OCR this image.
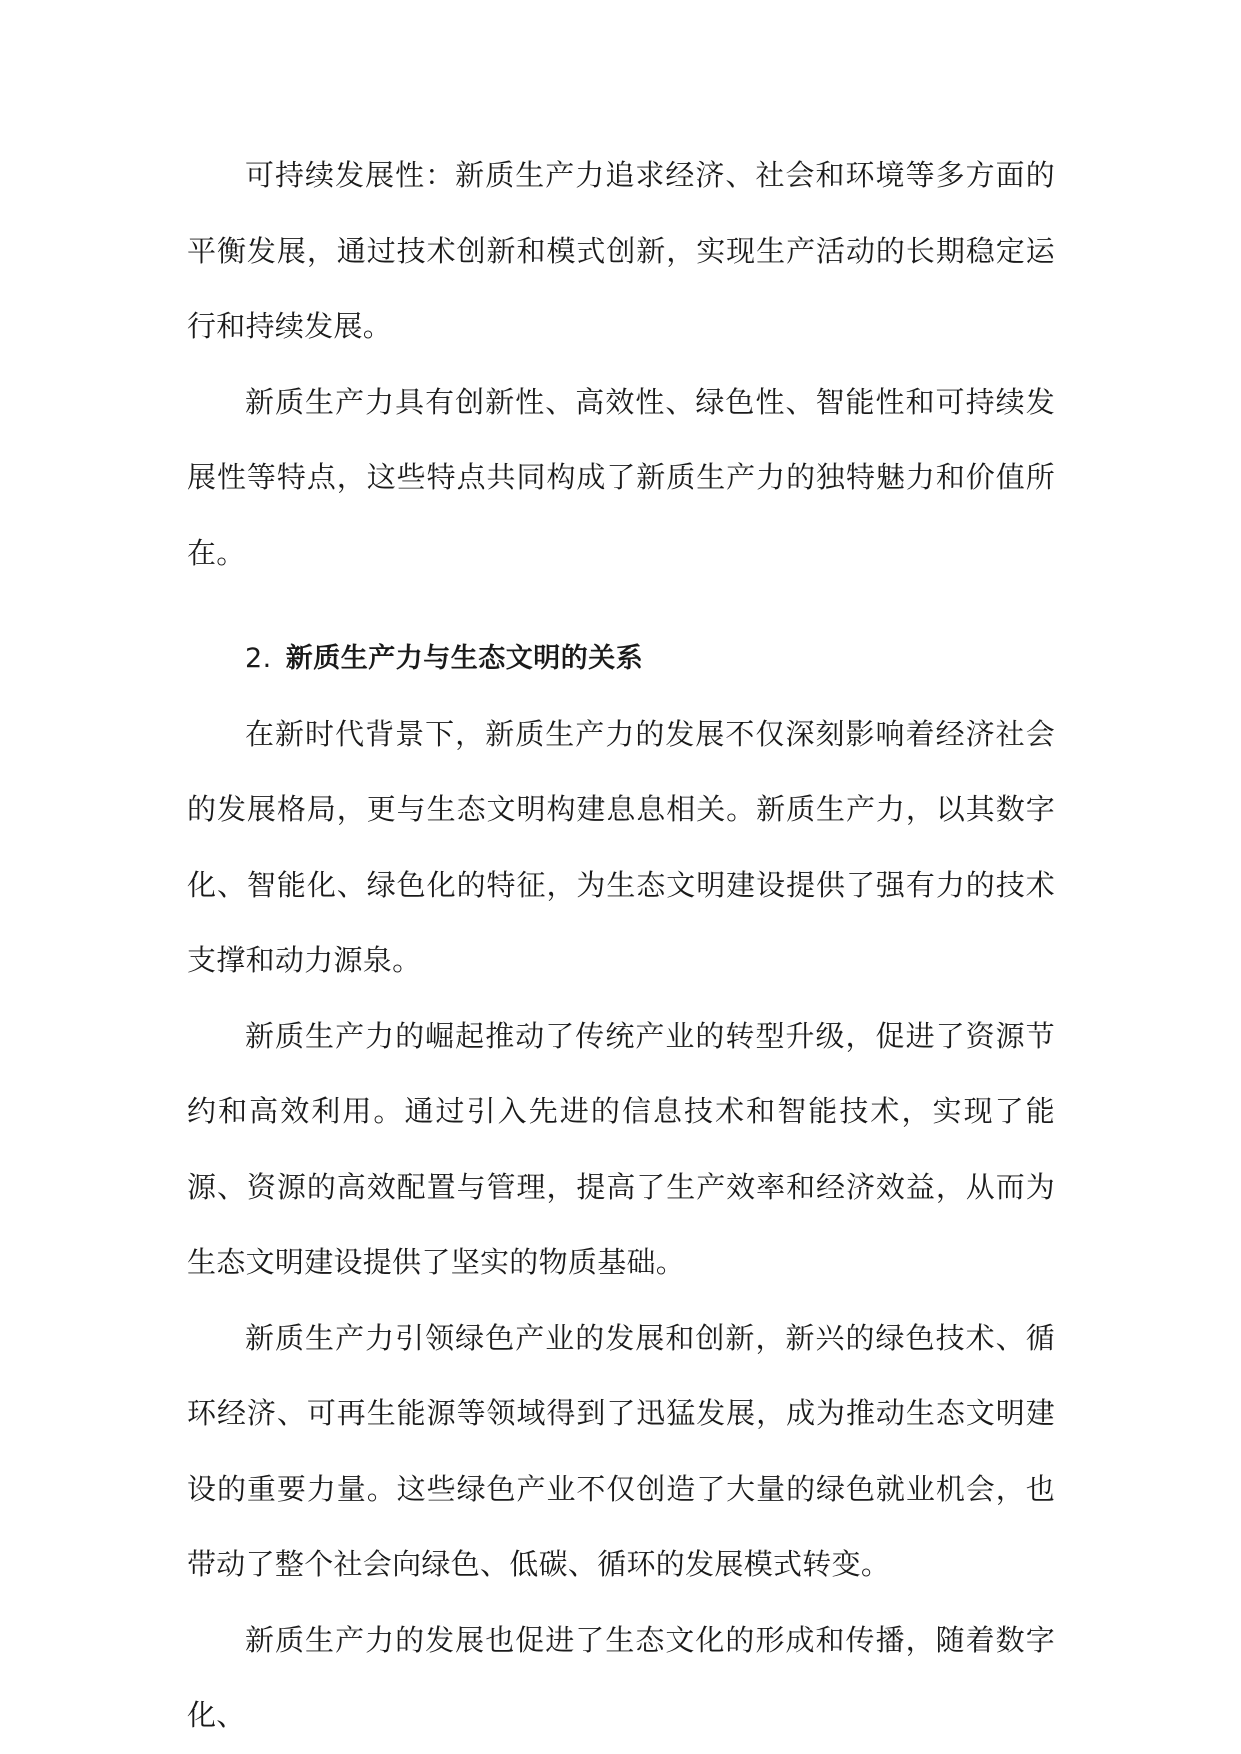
可持续发展性：新质生产力追求经济、社会和环境等多方面的平衡发展，通过技术创新和模式创新，实现生产活动的长期稳定运行和持续发展。

新质生产力具有创新性、高效性、绿色性、智能性和可持续发展性等特点，这些特点共同构成了新质生产力的独特魅力和价值所在。

2. 新质生产力与生态文明的关系

在新时代背景下，新质生产力的发展不仅深刻影响着经济社会的发展格局，更与生态文明构建息息相关。新质生产力，以其数字化、智能化、绿色化的特征，为生态文明建设提供了强有力的技术支撑和动力源泉。

新质生产力的崛起推动了传统产业的转型升级，促进了资源节约和高效利用。通过引入先进的信息技术和智能技术，实现了能源、资源的高效配置与管理，提高了生产效率和经济效益，从而为生态文明建设提供了坚实的物质基础。

新质生产力引领绿色产业的发展和创新，新兴的绿色技术、循环经济、可再生能源等领域得到了迅猛发展，成为推动生态文明建设的重要力量。这些绿色产业不仅创造了大量的绿色就业机会，也带动了整个社会向绿色、低碳、循环的发展模式转变。

新质生产力的发展也促进了生态文化的形成和传播，随着数字化、
